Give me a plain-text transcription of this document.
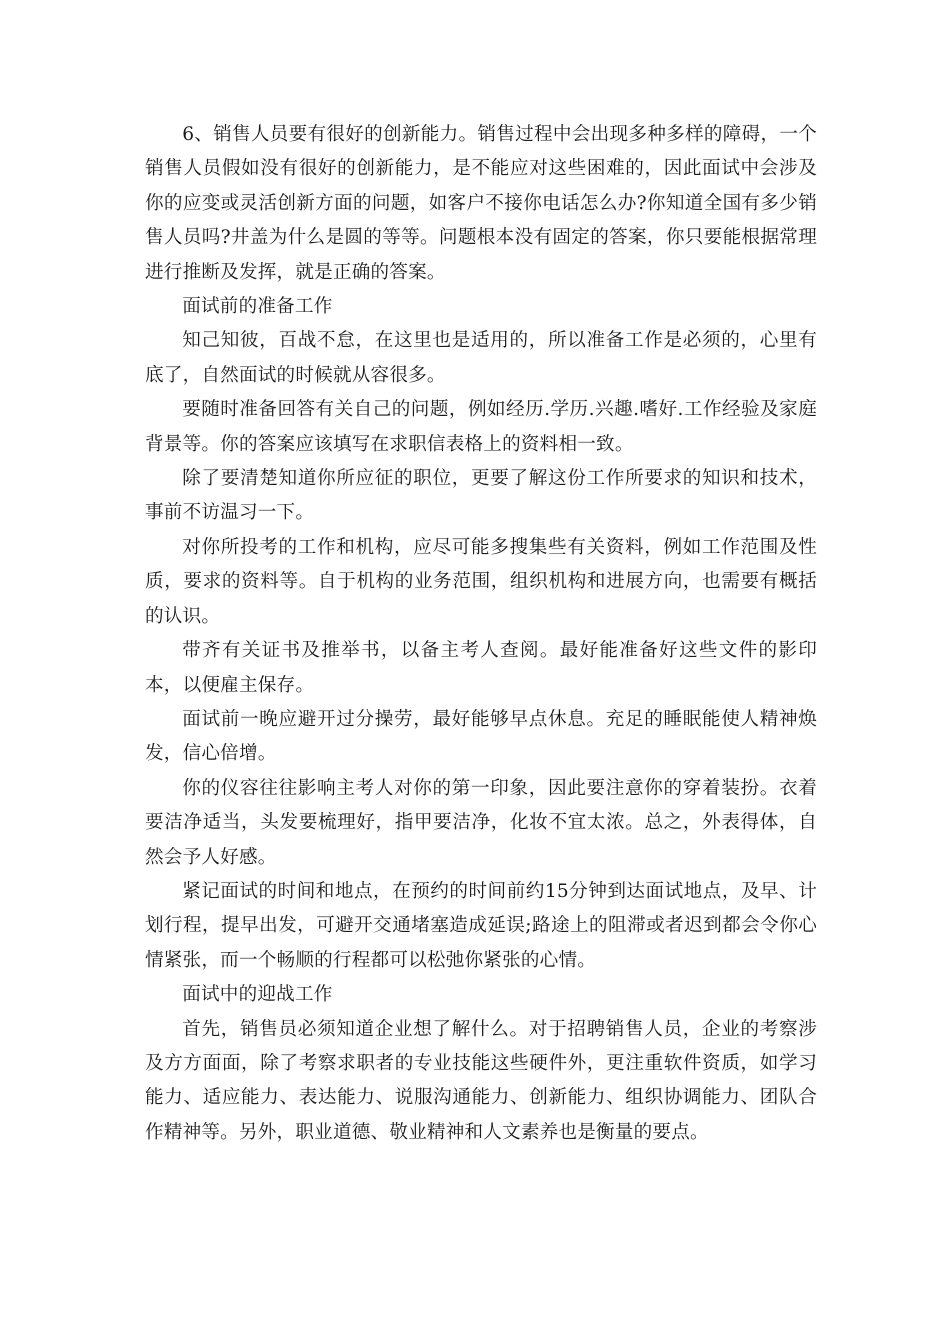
6、销售人员要有很好的创新能力。销售过程中会出现多种多样的障碍，一个销售人员假如没有很好的创新能力，是不能应对这些困难的，因此面试中会涉及你的应变或灵活创新方面的问题，如客户不接你电话怎么办?你知道全国有多少销售人员吗?井盖为什么是圆的等等。问题根本没有固定的答案，你只要能根据常理进行推断及发挥，就是正确的答案。

面试前的准备工作

知己知彼，百战不怠，在这里也是适用的，所以准备工作是必须的，心里有底了，自然面试的时候就从容很多。

要随时准备回答有关自己的问题，例如经历.学历.兴趣.嗜好.工作经验及家庭背景等。你的答案应该填写在求职信表格上的资料相一致。

除了要清楚知道你所应征的职位，更要了解这份工作所要求的知识和技术，事前不访温习一下。

对你所投考的工作和机构，应尽可能多搜集些有关资料，例如工作范围及性质，要求的资料等。自于机构的业务范围，组织机构和进展方向，也需要有概括的认识。

带齐有关证书及推举书，以备主考人查阅。最好能准备好这些文件的影印本，以便雇主保存。

面试前一晚应避开过分操劳，最好能够早点休息。充足的睡眠能使人精神焕发，信心倍增。

你的仪容往往影响主考人对你的第一印象，因此要注意你的穿着装扮。衣着要洁净适当，头发要梳理好，指甲要洁净，化妆不宜太浓。总之，外表得体，自然会予人好感。

紧记面试的时间和地点，在预约的时间前约15分钟到达面试地点，及早、计划行程，提早出发，可避开交通堵塞造成延误;路途上的阻滞或者迟到都会令你心情紧张，而一个畅顺的行程都可以松弛你紧张的心情。

面试中的迎战工作

首先，销售员必须知道企业想了解什么。对于招聘销售人员，企业的考察涉及方方面面，除了考察求职者的专业技能这些硬件外，更注重软件资质，如学习能力、适应能力、表达能力、说服沟通能力、创新能力、组织协调能力、团队合作精神等。另外，职业道德、敬业精神和人文素养也是衡量的要点。
